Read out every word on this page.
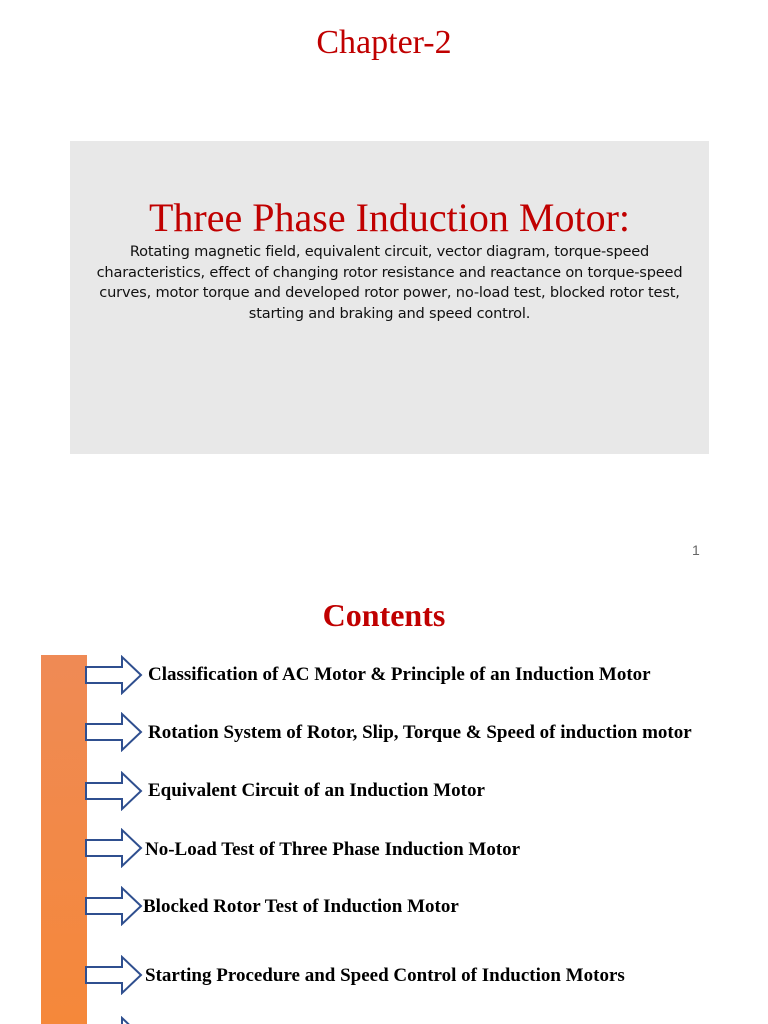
Chapter-2
Three Phase Induction Motor:
Rotating magnetic field, equivalent circuit, vector diagram, torque-speed characteristics, effect of changing rotor resistance and reactance on torque-speed curves, motor torque and developed rotor power, no-load test, blocked rotor test, starting and braking and speed control.
1
Contents
Classification of AC Motor & Principle of an Induction Motor
Rotation System of Rotor, Slip, Torque & Speed of induction motor
Equivalent Circuit of an Induction Motor
No-Load Test of Three Phase Induction Motor
Blocked Rotor Test of Induction Motor
Starting Procedure and Speed Control of Induction Motors
